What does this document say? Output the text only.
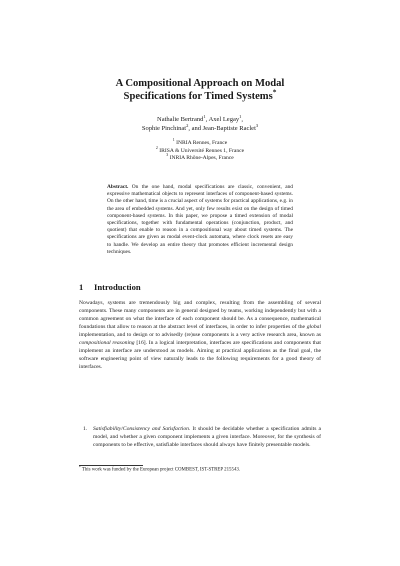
A Compositional Approach on Modal
Specifications for Timed Systems*
Nathalie Bertrand$^1$, Axel Legay$^1$,
Sophie Pinchinat$^2$, and Jean-Baptiste Raclet$^3$
$^1$ INRIA Rennes, France
$^2$ IRISA & Université Rennes 1, France
$^3$ INRIA Rhône-Alpes, France
Abstract. On the one hand, modal specifications are classic, convenient, and expressive mathematical objects to represent interfaces of component-based systems. On the other hand, time is a crucial aspect of systems for practical applications, e.g. in the area of embedded systems. And yet, only few results exist on the design of timed component-based systems. In this paper, we propose a timed extension of modal specifications, together with fundamental operations (conjunction, product, and quotient) that enable to reason in a compositional way about timed systems. The specifications are given as modal event-clock automata, where clock resets are easy to handle. We develop an entire theory that promotes efficient incremental design techniques.
1 Introduction
Nowadays, systems are tremendously big and complex, resulting from the assembling of several components. These many components are in general designed by teams, working independently but with a common agreement on what the interface of each component should be. As a consequence, mathematical foundations that allow to reason at the abstract level of interfaces, in order to infer properties of the global implementation, and to design or to advisedly (re)use components is a very active research area, known as compositional reasoning [16]. In a logical interpretation, interfaces are specifications and components that implement an interface are understood as models. Aiming at practical applications as the final goal, the software engineering point of view naturally leads to the following requirements for a good theory of interfaces.
1. Satisfiability/Consistency and Satisfaction. It should be decidable whether a specification admits a model, and whether a given component implements a given interface. Moreover, for the synthesis of components to be effective, satisfiable interfaces should always have finitely presentable models.
* This work was funded by the European project COMBEST, IST-STREP 215543.
